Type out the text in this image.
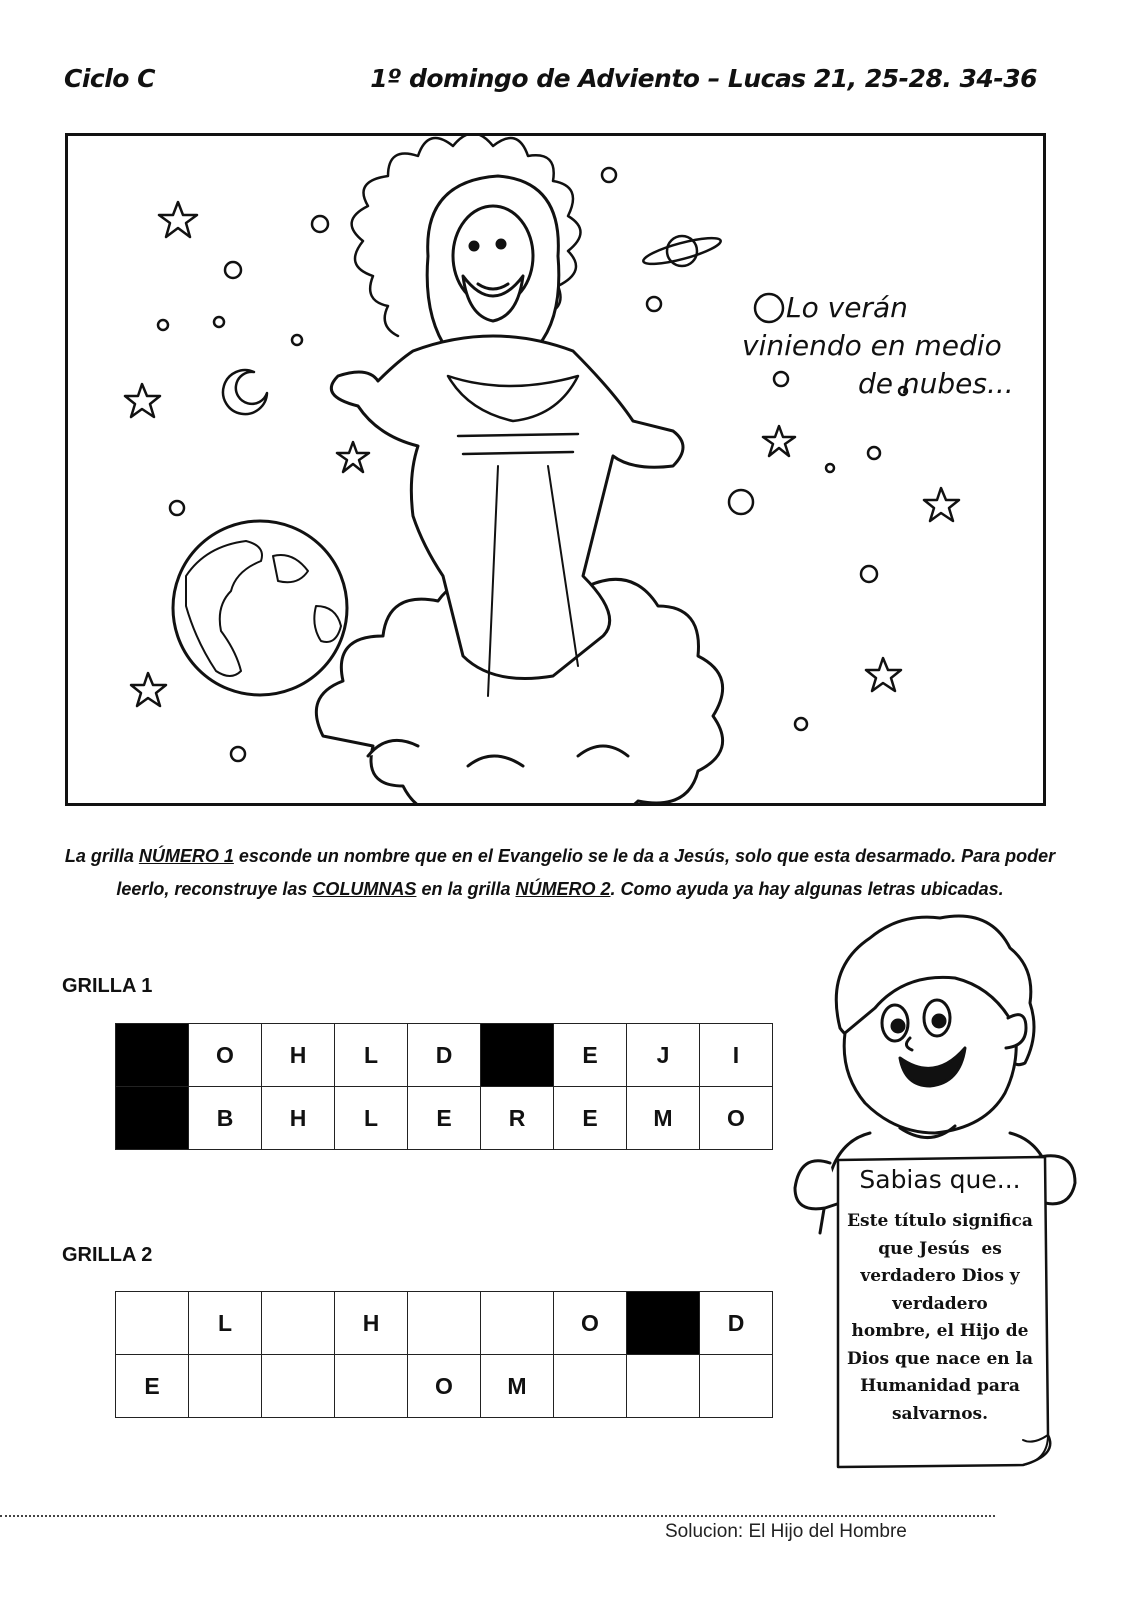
Ciclo C	1º domingo de Adviento – Lucas 21, 25-28. 34-36
Lo verán
viniendo en medio
de nubes...
La grilla NÚMERO 1 esconde un nombre que en el Evangelio se le da a Jesús, solo que esta desarmado. Para poder leerlo, reconstruye las COLUMNAS en la grilla NÚMERO 2. Como ayuda ya hay algunas letras ubicadas.
GRILLA 1
	O	H	L	D		E	J	I
	B	H	L	E	R	E	M	O
GRILLA 2
	L		H			O		D
E				O	M			
Sabias que...
Este título significa
que Jesús  es
verdadero Dios y
verdadero
hombre, el Hijo de
Dios que nace en la
Humanidad para
salvarnos.
Solucion: El Hijo del Hombre
